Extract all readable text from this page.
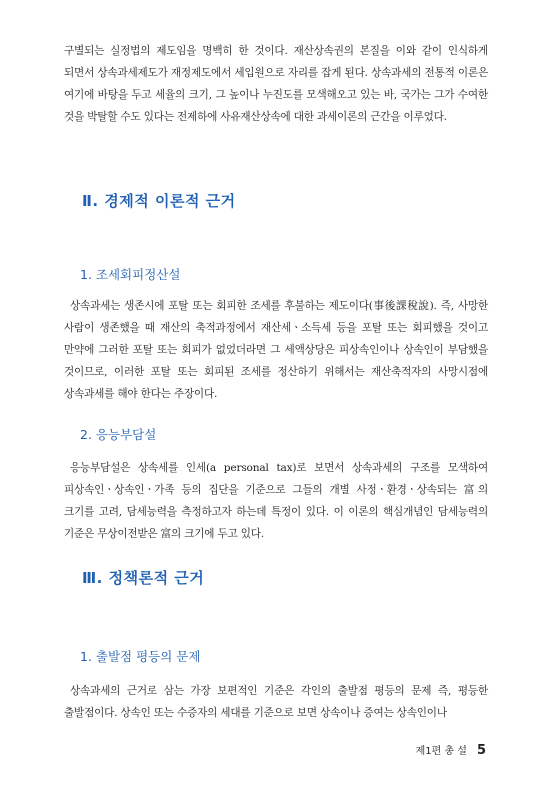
구별되는 실정법의 제도임을 명백히 한 것이다. 재산상속권의 본질을 이와 같이 인식하게 되면서 상속과세제도가 재정제도에서 세입원으로 자리를 잡게 된다. 상속과세의 전통적 이론은 여기에 바탕을 두고 세율의 크기, 그 높이나 누진도를 모색해오고 있는 바, 국가는 그가 수여한 것을 박탈할 수도 있다는 전제하에 사유재산상속에 대한 과세이론의 근간을 이루었다.

Ⅱ. 경제적 이론적 근거
1. 조세회피정산설

상속과세는 생존시에 포탈 또는 회피한 조세를 후불하는 제도이다(事後課稅說). 즉, 사망한 사람이 생존했을 때 재산의 축적과정에서 재산세ㆍ소득세 등을 포탈 또는 회피했을 것이고 만약에 그러한 포탈 또는 회피가 없었더라면 그 세액상당은 피상속인이나 상속인이 부담했을 것이므로, 이러한 포탈 또는 회피된 조세를 정산하기 위해서는 재산축적자의 사망시점에 상속과세를 해야 한다는 주장이다.

2. 응능부담설

응능부담설은 상속세를 인세(a personal tax)로 보면서 상속과세의 구조를 모색하여 피상속인ㆍ상속인ㆍ가족 등의 집단을 기준으로 그들의 개별 사정ㆍ환경ㆍ상속되는 富의 크기를 고려, 담세능력을 측정하고자 하는데 특정이 있다. 이 이론의 핵심개념인 담세능력의 기준은 무상이전받은 富의 크기에 두고 있다.

Ⅲ. 정책론적 근거
1. 출발점 평등의 문제

상속과세의 근거로 삼는 가장 보편적인 기준은 각인의 출발점 평등의 문제 즉, 평등한 출발점이다. 상속인 또는 수증자의 세대를 기준으로 보면 상속이나 증여는 상속인이나

제1편 총 설 5
